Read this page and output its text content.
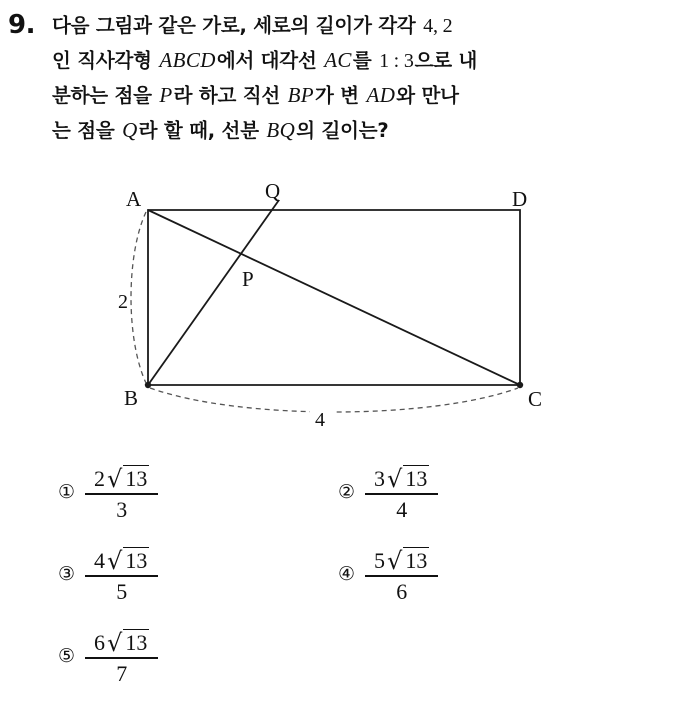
9. 다음 그림과 같은 가로, 세로의 길이가 각각 4, 2
인 직사각형 ABCD에서 대각선 AC를 1 : 3으로 내
분하는 점을 P라 하고 직선 BP가 변 AD와 만나
는 점을 Q라 할 때, 선분 BQ의 길이는?
A	D
B	C
Q
P
2
4
① $\frac{2√ 13}{3}$	② $\frac{3√ 13}{4}$
③ $\frac{4√ 13}{5}$	④ $\frac{5√ 13}{6}$
⑤ $\frac{6√ 13}{7}$
